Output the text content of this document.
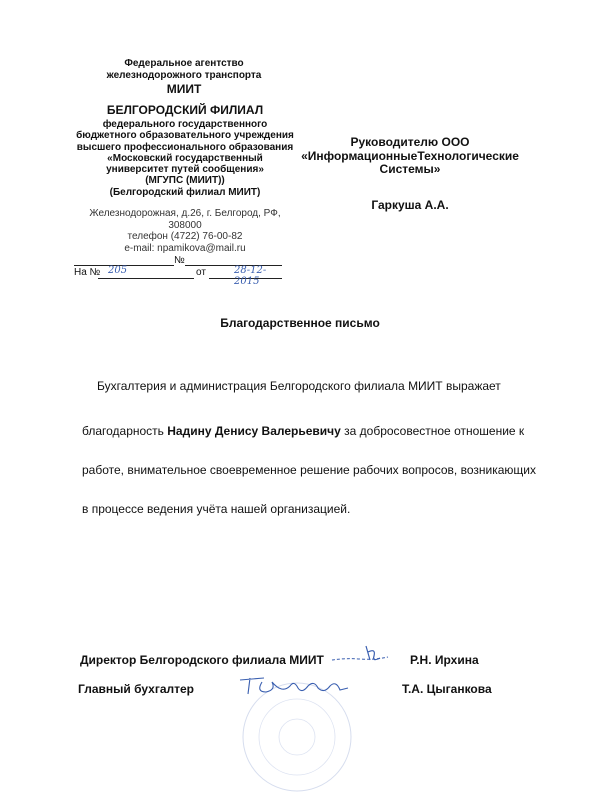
Федеральное агентство
железнодорожного транспорта
МИИТ
БЕЛГОРОДСКИЙ ФИЛИАЛ
федерального государственного
бюджетного образовательного учреждения
высшего профессионального образования
«Московский государственный
университет путей сообщения»
(МГУПС (МИИТ))
(Белгородский филиал МИИТ)
Железнодорожная, д.26, г. Белгород, РФ,
308000
телефон (4722) 76-00-82
e-mail: npamikova@mail.ru
№
На № 205	от	28-12-2015
Руководителю ООО
«ИнформационныеТехнологические
Системы»
Гаркуша А.А.
Благодарственное письмо
Бухгалтерия и администрация Белгородского филиала МИИТ выражает
благодарность Надину Денису Валерьевичу за добросовестное отношение к
работе, внимательное своевременное решение рабочих вопросов, возникающих
в процессе ведения учёта нашей организацией.
Директор Белгородского филиала МИИТ	Р.Н. Ирхина
Главный бухгалтер	Т.А. Цыганкова
